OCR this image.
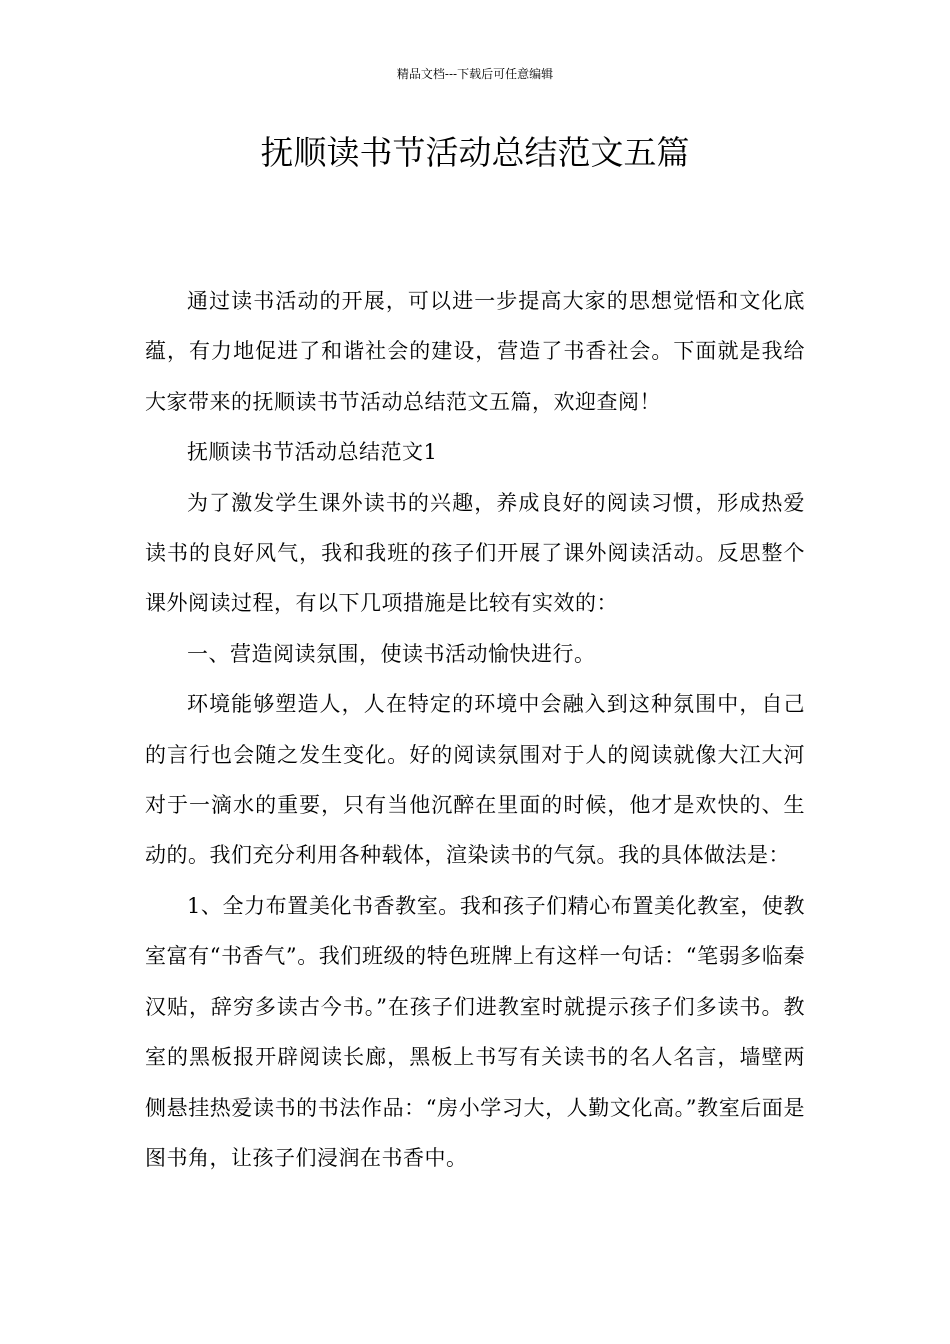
精品文档---下载后可任意编辑
抚顺读书节活动总结范文五篇

通过读书活动的开展，可以进一步提高大家的思想觉悟和文化底蕴，有力地促进了和谐社会的建设，营造了书香社会。下面就是我给大家带来的抚顺读书节活动总结范文五篇，欢迎查阅！

抚顺读书节活动总结范文1

为了激发学生课外读书的兴趣，养成良好的阅读习惯，形成热爱读书的良好风气，我和我班的孩子们开展了课外阅读活动。反思整个课外阅读过程，有以下几项措施是比较有实效的：

一、营造阅读氛围，使读书活动愉快进行。

环境能够塑造人，人在特定的环境中会融入到这种氛围中，自己的言行也会随之发生变化。好的阅读氛围对于人的阅读就像大江大河对于一滴水的重要，只有当他沉醉在里面的时候，他才是欢快的、生动的。我们充分利用各种载体，渲染读书的气氛。我的具体做法是：

1、全力布置美化书香教室。我和孩子们精心布置美化教室，使教室富有“书香气”。我们班级的特色班牌上有这样一句话：“笔弱多临秦汉贴，辞穷多读古今书。”在孩子们进教室时就提示孩子们多读书。教室的黑板报开辟阅读长廊，黑板上书写有关读书的名人名言，墙壁两侧悬挂热爱读书的书法作品：“房小学习大，人勤文化高。”教室后面是图书角，让孩子们浸润在书香中。
